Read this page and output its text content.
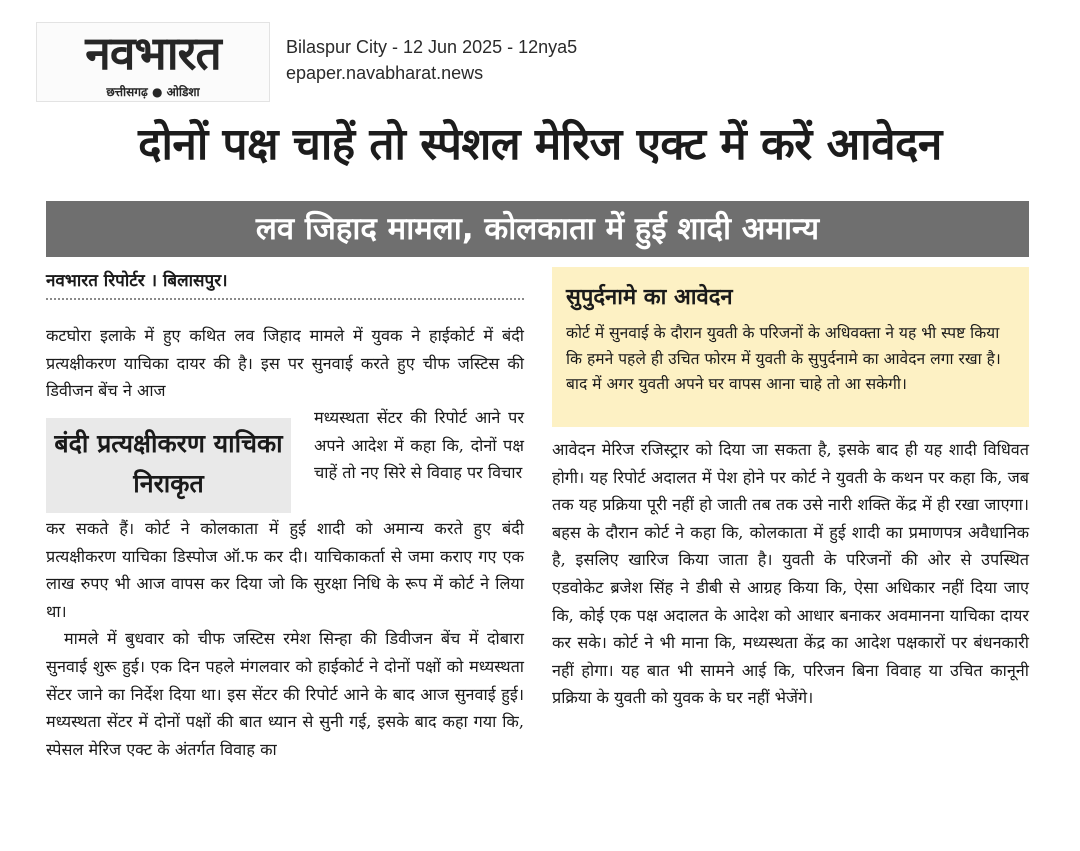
नवभारत
छत्तीसगढ़ ● ओडिशा
Bilaspur City - 12 Jun 2025 - 12nya5
epaper.navabharat.news
दोनों पक्ष चाहें तो स्पेशल मेरिज एक्ट में करें आवेदन
लव जिहाद मामला, कोलकाता में हुई शादी अमान्य
नवभारत रिपोर्टर । बिलासपुर।

कटघोरा इलाके में हुए कथित लव जिहाद मामले में युवक ने हाईकोर्ट में बंदी प्रत्यक्षीकरण याचिका दायर की है। इस पर सुनवाई करते हुए चीफ जस्टिस की डिवीजन बेंच ने आज

बंदी प्रत्यक्षीकरण याचिका निराकृत
मध्यस्थता सेंटर की रिपोर्ट आने पर अपने आदेश में कहा कि, दोनों पक्ष चाहें तो नए सिरे से विवाह पर विचार

कर सकते हैं। कोर्ट ने कोलकाता में हुई शादी को अमान्य करते हुए बंदी प्रत्यक्षीकरण याचिका डिस्पोज ऑ.फ कर दी। याचिकाकर्ता से जमा कराए गए एक लाख रुपए भी आज वापस कर दिया जो कि सुरक्षा निधि के रूप में कोर्ट ने लिया था।

मामले में बुधवार को चीफ जस्टिस रमेश सिन्हा की डिवीजन बेंच में दोबारा सुनवाई शुरू हुई। एक दिन पहले मंगलवार को हाईकोर्ट ने दोनों पक्षों को मध्यस्थता सेंटर जाने का निर्देश दिया था। इस सेंटर की रिपोर्ट आने के बाद आज सुनवाई हुई। मध्यस्थता सेंटर में दोनों पक्षों की बात ध्यान से सुनी गई, इसके बाद कहा गया कि, स्पेसल मेरिज एक्ट के अंतर्गत विवाह का

सुपुर्दनामे का आवेदन
कोर्ट में सुनवाई के दौरान युवती के परिजनों के अधिवक्ता ने यह भी स्पष्ट किया कि हमने पहले ही उचित फोरम में युवती के सुपुर्दनामे का आवेदन लगा रखा है। बाद में अगर युवती अपने घर वापस आना चाहे तो आ सकेगी।

आवेदन मेरिज रजिस्ट्रार को दिया जा सकता है, इसके बाद ही यह शादी विधिवत होगी। यह रिपोर्ट अदालत में पेश होने पर कोर्ट ने युवती के कथन पर कहा कि, जब तक यह प्रक्रिया पूरी नहीं हो जाती तब तक उसे नारी शक्ति केंद्र में ही रखा जाएगा। बहस के दौरान कोर्ट ने कहा कि, कोलकाता में हुई शादी का प्रमाणपत्र अवैधानिक है, इसलिए खारिज किया जाता है। युवती के परिजनों की ओर से उपस्थित एडवोकेट ब्रजेश सिंह ने डीबी से आग्रह किया कि, ऐसा अधिकार नहीं दिया जाए कि, कोई एक पक्ष अदालत के आदेश को आधार बनाकर अवमानना याचिका दायर कर सके। कोर्ट ने भी माना कि, मध्यस्थता केंद्र का आदेश पक्षकारों पर बंधनकारी नहीं होगा। यह बात भी सामने आई कि, परिजन बिना विवाह या उचित कानूनी प्रक्रिया के युवती को युवक के घर नहीं भेजेंगे।
